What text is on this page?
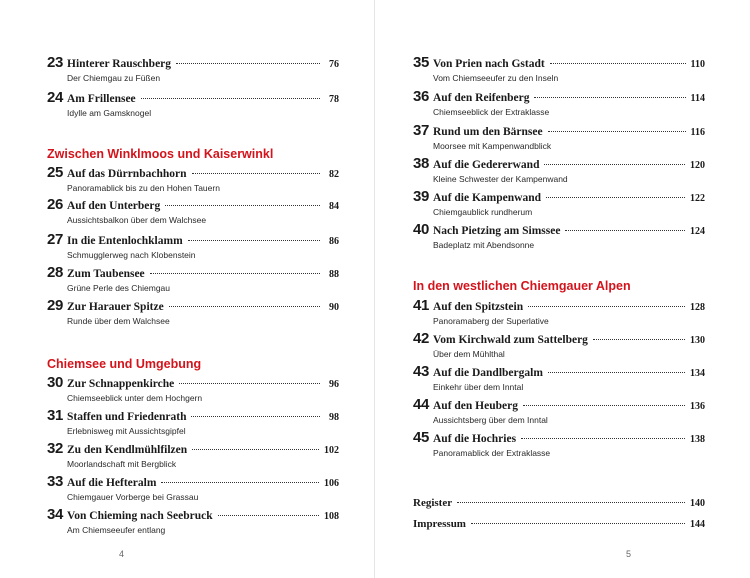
23 Hinterer Rauschberg	76
Der Chiemgau zu Füßen
24 Am Frillensee	78
Idylle am Gamsknogel
Zwischen Winklmoos und Kaiserwinkl
25 Auf das Dürrnbachhorn	82
Panoramablick bis zu den Hohen Tauern
26 Auf den Unterberg	84
Aussichtsbalkon über dem Walchsee
27 In die Entenlochklamm	86
Schmugglerweg nach Klobenstein
28 Zum Taubensee	88
Grüne Perle des Chiemgau
29 Zur Harauer Spitze	90
Runde über dem Walchsee
Chiemsee und Umgebung
30 Zur Schnappenkirche	96
Chiemseeblick unter dem Hochgern
31 Staffen und Friedenrath	98
Erlebnisweg mit Aussichtsgipfel
32 Zu den Kendlmühlfilzen	102
Moorlandschaft mit Bergblick
33 Auf die Hefteralm	106
Chiemgauer Vorberge bei Grassau
34 Von Chieming nach Seebruck	108
Am Chiemseeufer entlang
4
35 Von Prien nach Gstadt	110
Vom Chiemseeufer zu den Inseln
36 Auf den Reifenberg	114
Chiemseeblick der Extraklasse
37 Rund um den Bärnsee	116
Moorsee mit Kampenwandblick
38 Auf die Gedererwand	120
Kleine Schwester der Kampenwand
39 Auf die Kampenwand	122
Chiemgaublick rundherum
40 Nach Pietzing am Simssee	124
Badeplatz mit Abendsonne
In den westlichen Chiemgauer Alpen
41 Auf den Spitzstein	128
Panoramaberg der Superlative
42 Vom Kirchwald zum Sattelberg	130
Über dem Mühlthal
43 Auf die Dandlbergalm	134
Einkehr über dem Inntal
44 Auf den Heuberg	136
Aussichtsberg über dem Inntal
45 Auf die Hochries	138
Panoramablick der Extraklasse
Register	140
Impressum	144
5
